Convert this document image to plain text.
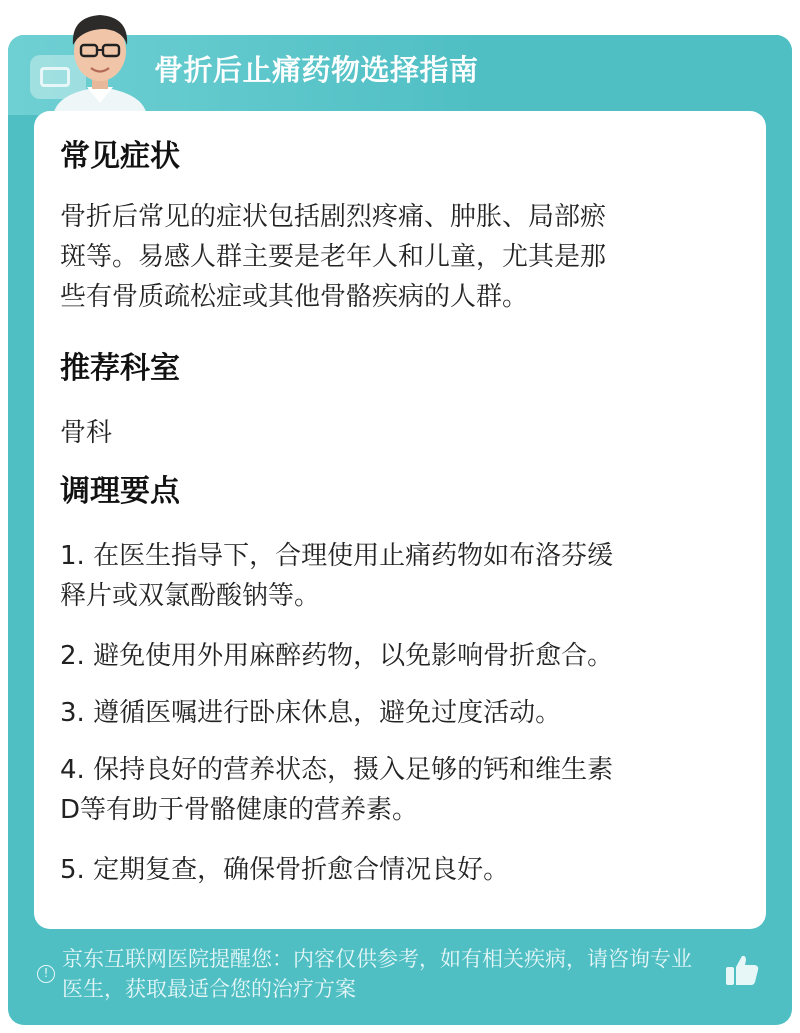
骨折后止痛药物选择指南
常见症状
骨折后常见的症状包括剧烈疼痛、肿胀、局部瘀
斑等。易感人群主要是老年人和儿童，尤其是那
些有骨质疏松症或其他骨骼疾病的人群。
推荐科室
骨科
调理要点
1. 在医生指导下，合理使用止痛药物如布洛芬缓
释片或双氯酚酸钠等。
2. 避免使用外用麻醉药物，以免影响骨折愈合。
3. 遵循医嘱进行卧床休息，避免过度活动。
4. 保持良好的营养状态，摄入足够的钙和维生素
D等有助于骨骼健康的营养素。
5. 定期复查，确保骨折愈合情况良好。
!
京东互联网医院提醒您：内容仅供参考，如有相关疾病，请咨询专业
医生，获取最适合您的治疗方案
